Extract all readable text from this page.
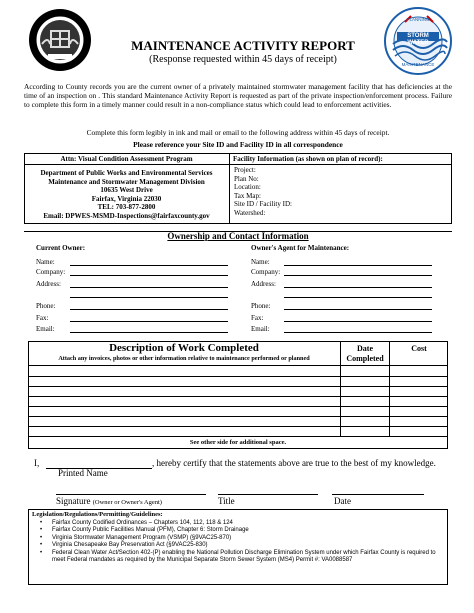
MAINTENANCE ACTIVITY REPORT
(Response requested within 45 days of receipt)
STORM WATER
PLANNING
MAINTENANCE
According to County records you are the current owner of a privately maintained stormwater management facility that has deficiencies at the time of an inspection on . This standard Maintenance Activity Report is requested as part of the private inspection/enforcement process. Failure to complete this form in a timely manner could result in a non-compliance status which could lead to enforcement activities.
Complete this form legibly in ink and mail or email to the following address within 45 days of receipt.
Please reference your Site ID and Facility ID in all correspondence
Attn: Visual Condition Assessment Program
Department of Public Works and Environmental Services
Maintenance and Stormwater Management Division
10635 West Drive
Fairfax, Virginia 22030
TEL: 703-877-2800
Email: DPWES-MSMD-Inspections@fairfaxcounty.gov
Facility Information (as shown on plan of record):
Project:
Plan No:
Location:
Tax Map:
Site ID / Facility ID:
Watershed:
Ownership and Contact Information
Current Owner:	Owner's Agent for Maintenance:
Name:
Company:
Address:
Phone:
Fax:
Email:
Name:
Company:
Address:
Phone:
Fax:
Email:
Description of Work Completed
Attach any invoices, photos or other information relative to maintenance performed or planned
Date Completed
Cost
See other side for additional space.
I,	, hereby certify that the statements above are true to the best of my knowledge.
Printed Name
Signature (Owner or Owner's Agent)	Title	Date
Legislation/Regulations/Permitting/Guidelines:
• Fairfax County Codified Ordinances – Chapters 104, 112, 118 & 124
• Fairfax County Public Facilities Manual (PFM), Chapter 6: Storm Drainage
• Virginia Stormwater Management Program (VSMP) (§9VAC25-870)
• Virginia Chesapeake Bay Preservation Act (§9VAC25-830)
• Federal Clean Water Act/Section 402-(P) enabling the National Pollution Discharge Elimination System under which Fairfax County is required to meet Federal mandates as required by the Municipal Separate Storm Sewer System (MS4) Permit #: VA0088587
